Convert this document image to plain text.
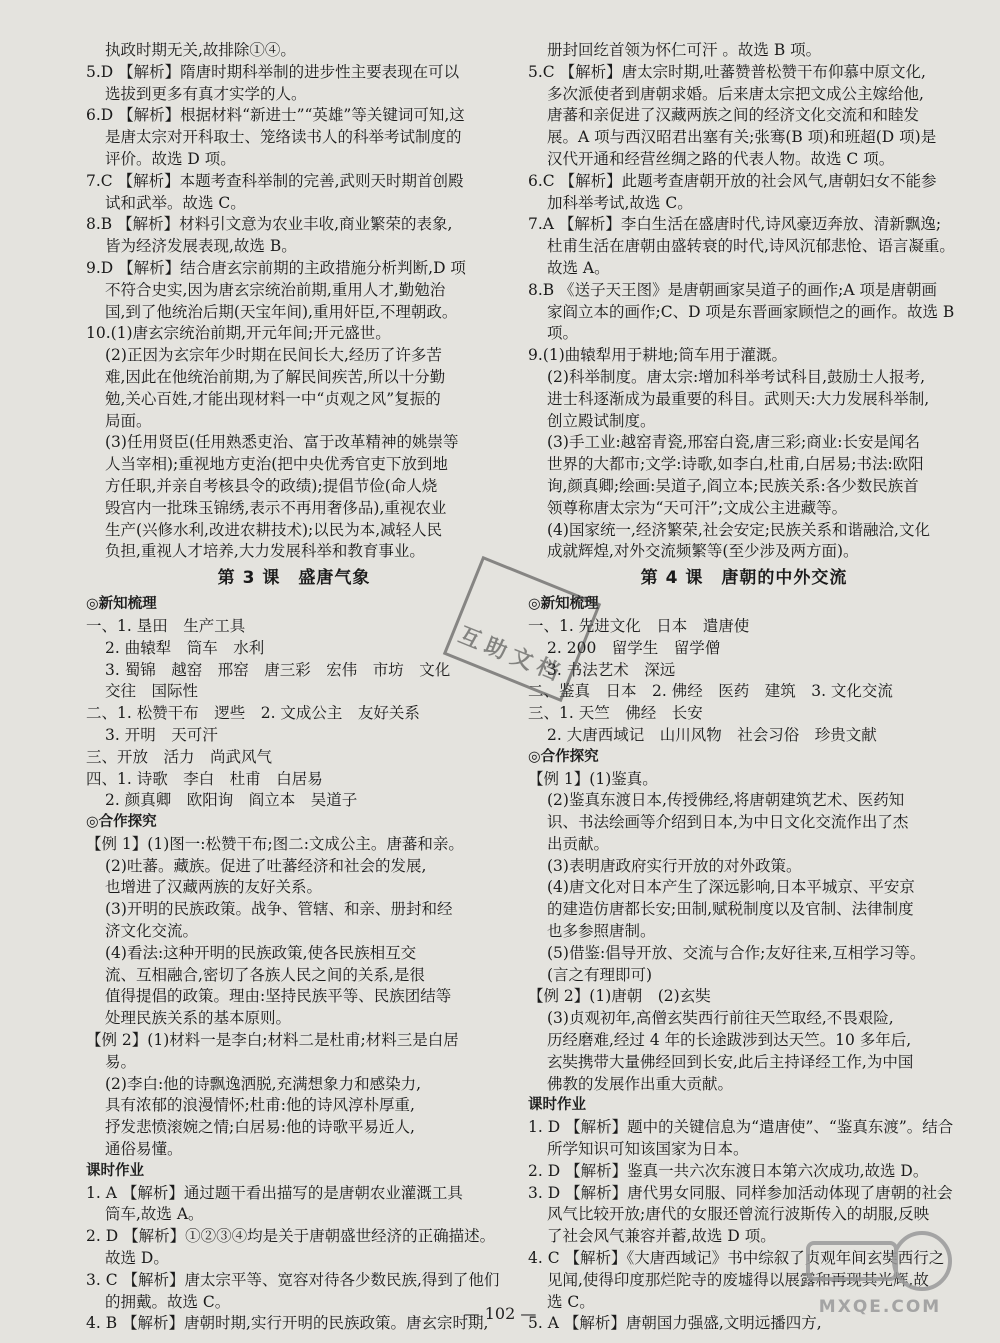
执政时期无关,故排除①④。
5.D 【解析】隋唐时期科举制的进步性主要表现在可以
选拔到更多有真才实学的人。
6.D 【解析】根据材料“新进士”“英雄”等关键词可知,这
是唐太宗对开科取士、笼络读书人的科举考试制度的
评价。故选 D 项。
7.C 【解析】本题考查科举制的完善,武则天时期首创殿
试和武举。故选 C。
8.B 【解析】材料引文意为农业丰收,商业繁荣的表象,
皆为经济发展表现,故选 B。
9.D 【解析】结合唐玄宗前期的主政措施分析判断,D 项
不符合史实,因为唐玄宗统治前期,重用人才,勤勉治
国,到了他统治后期(天宝年间),重用奸臣,不理朝政。
10.(1)唐玄宗统治前期,开元年间;开元盛世。
(2)正因为玄宗年少时期在民间长大,经历了许多苦
难,因此在他统治前期,为了解民间疾苦,所以十分勤
勉,关心百姓,才能出现材料一中“贞观之风”复振的
局面。
(3)任用贤臣(任用熟悉吏治、富于改革精神的姚崇等
人当宰相);重视地方吏治(把中央优秀官吏下放到地
方任职,并亲自考核县令的政绩);提倡节俭(命人烧
毁宫内一批珠玉锦绣,表示不再用奢侈品),重视农业
生产(兴修水利,改进农耕技术);以民为本,减轻人民
负担,重视人才培养,大力发展科举和教育事业。
第 3 课　盛唐气象
◎新知梳理
一、1. 垦田　生产工具
2. 曲辕犁　筒车　水利
3. 蜀锦　越窑　邢窑　唐三彩　宏伟　市坊　文化
交往　国际性
二、1. 松赞干布　逻些　2. 文成公主　友好关系
3. 开明　天可汗
三、开放　活力　尚武风气
四、1. 诗歌　李白　杜甫　白居易
2. 颜真卿　欧阳询　阎立本　吴道子
◎合作探究
【例 1】(1)图一:松赞干布;图二:文成公主。唐蕃和亲。
(2)吐蕃。藏族。促进了吐蕃经济和社会的发展,
也增进了汉藏两族的友好关系。
(3)开明的民族政策。战争、管辖、和亲、册封和经
济文化交流。
(4)看法:这种开明的民族政策,使各民族相互交
流、互相融合,密切了各族人民之间的关系,是很
值得提倡的政策。理由:坚持民族平等、民族团结等
处理民族关系的基本原则。
【例 2】(1)材料一是李白;材料二是杜甫;材料三是白居
易。
(2)李白:他的诗飘逸洒脱,充满想象力和感染力,
具有浓郁的浪漫情怀;杜甫:他的诗风淳朴厚重,
抒发悲愤滚婉之情;白居易:他的诗歌平易近人,
通俗易懂。
课时作业
1. A 【解析】通过题干看出描写的是唐朝农业灌溉工具
筒车,故选 A。
2. D 【解析】①②③④均是关于唐朝盛世经济的正确描述。
故选 D。
3. C 【解析】唐太宗平等、宽容对待各少数民族,得到了他们
的拥戴。故选 C。
4. B 【解析】唐朝时期,实行开明的民族政策。唐玄宗时期,
册封回纥首领为怀仁可汗 。故选 B 项。
5.C 【解析】唐太宗时期,吐蕃赞普松赞干布仰慕中原文化,
多次派使者到唐朝求婚。后来唐太宗把文成公主嫁给他,
唐蕃和亲促进了汉藏两族之间的经济文化交流和和睦发
展。A 项与西汉昭君出塞有关;张骞(B 项)和班超(D 项)是
汉代开通和经营丝绸之路的代表人物。故选 C 项。
6.C 【解析】此题考查唐朝开放的社会风气,唐朝妇女不能参
加科举考试,故选 C。
7.A 【解析】李白生活在盛唐时代,诗风豪迈奔放、清新飘逸;
杜甫生活在唐朝由盛转衰的时代,诗风沉郁悲怆、语言凝重。
故选 A。
8.B 《送子天王图》是唐朝画家吴道子的画作;A 项是唐朝画
家阎立本的画作;C、D 项是东晋画家顾恺之的画作。故选 B
项。
9.(1)曲辕犁用于耕地;筒车用于灌溉。
(2)科举制度。唐太宗:增加科举考试科目,鼓励士人报考,
进士科逐渐成为最重要的科目。武则天:大力发展科举制,
创立殿试制度。
(3)手工业:越窑青瓷,邢窑白瓷,唐三彩;商业:长安是闻名
世界的大都市;文学:诗歌,如李白,杜甫,白居易;书法:欧阳
询,颜真卿;绘画:吴道子,阎立本;民族关系:各少数民族首
领尊称唐太宗为“天可汗”;文成公主进藏等。
(4)国家统一,经济繁荣,社会安定;民族关系和谐融洽,文化
成就辉煌,对外交流频繁等(至少涉及两方面)。
第 4 课　唐朝的中外交流
◎新知梳理
一、1. 先进文化　日本　遣唐使
2. 200　留学生　留学僧
3. 书法艺术　深远
二、鉴真　日本　2. 佛经　医药　建筑　3. 文化交流
三、1. 天竺　佛经　长安
2. 大唐西域记　山川风物　社会习俗　珍贵文献
◎合作探究
【例 1】(1)鉴真。
(2)鉴真东渡日本,传授佛经,将唐朝建筑艺术、医药知
识、书法绘画等介绍到日本,为中日文化交流作出了杰
出贡献。
(3)表明唐政府实行开放的对外政策。
(4)唐文化对日本产生了深远影响,日本平城京、平安京
的建造仿唐都长安;田制,赋税制度以及官制、法律制度
也多参照唐制。
(5)借鉴:倡导开放、交流与合作;友好往来,互相学习等。
(言之有理即可)
【例 2】(1)唐朝　(2)玄奘
(3)贞观初年,高僧玄奘西行前往天竺取经,不畏艰险,
历经磨难,经过 4 年的长途跋涉到达天竺。10 多年后,
玄奘携带大量佛经回到长安,此后主持译经工作,为中国
佛教的发展作出重大贡献。
课时作业
1. D 【解析】题中的关键信息为“遣唐使”、“鉴真东渡”。结合
所学知识可知该国家为日本。
2. D 【解析】鉴真一共六次东渡日本第六次成功,故选 D。
3. D 【解析】唐代男女同服、同样参加活动体现了唐朝的社会
风气比较开放;唐代的女服还曾流行波斯传入的胡服,反映
了社会风气兼容并蓄,故选 D 项。
4. C 【解析】《大唐西域记》书中综叙了贞观年间玄奘西行之
见闻,使得印度那烂陀寺的废墟得以展露和再现其光辉,故
选 C。
5. A 【解析】唐朝国力强盛,文明远播四方,
互助文档
— 102 —	MXQE.COM
